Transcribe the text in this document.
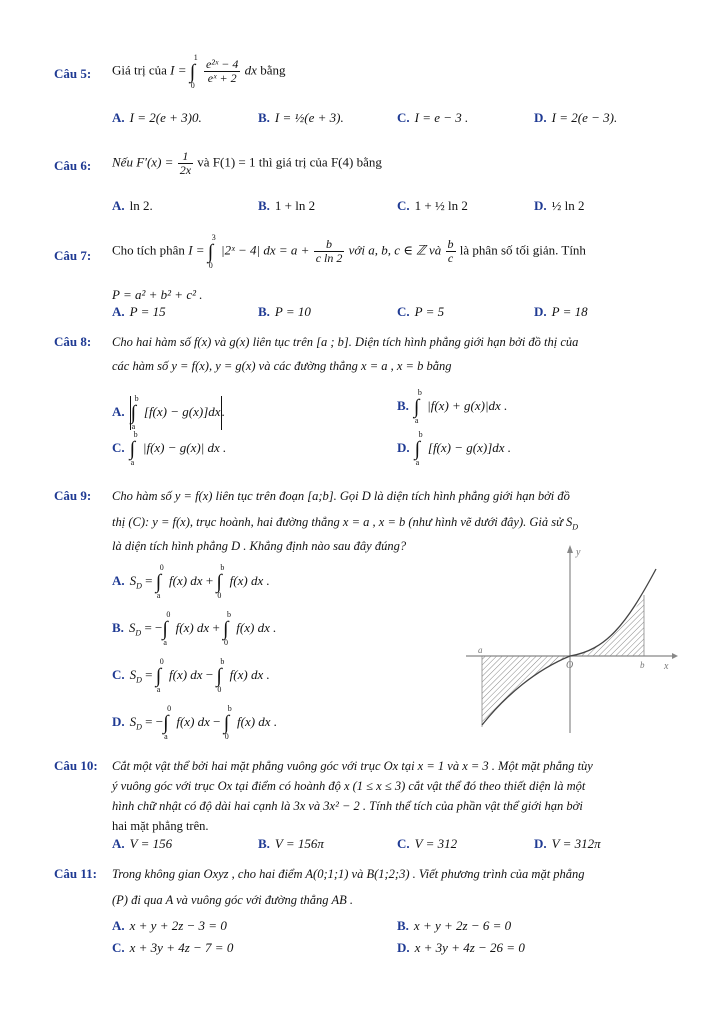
Câu 5: Giá trị của I = ∫
1
0
$\frac{\text{e²ˣ − 4}}{\text{eˣ + 2}}$ dx bằng
A. I = 2(e + 3)0.	B. I = ½(e + 3).	C. I = e − 3 .	D. I = 2(e − 3).
Câu 6: Nếu $F'(x) = \frac{1}{2x}$ và F(1) = 1 thì giá trị của F(4) bằng
A. ln 2.	B. 1 + ln 2	C. 1 + ½ ln 2	D. ½ ln 2
Câu 7: Cho tích phân I = ∫
3
0
|2ˣ − 4| dx = $a + \frac{b}{\text{c ln 2}}$ với a, b, c ∈ ℤ và $\frac{b}{c}$ là phân số tối giản. Tính
P = a² + b² + c² .
A. P = 15	B. P = 10	C. P = 5	D. P = 18
Câu 8: Cho hai hàm số f(x) và g(x) liên tục trên [a ; b]. Diện tích hình phẳng giới hạn bởi đồ thị của
các hàm số y = f(x), y = g(x) và các đường thẳng x = a , x = b bằng
A. ∫
b
a
[f(x) − g(x)]dx.	B. ∫
b
a
|f(x) + g(x)|dx .
C. ∫
b
a
|f(x) − g(x)| dx .	D. ∫
b
a
[f(x) − g(x)]dx .
Câu 9: Cho hàm số y = f(x) liên tục trên đoạn [a;b]. Gọi D là diện tích hình phẳng giới hạn bởi đồ
thị (C): y = f(x), trục hoành, hai đường thẳng x = a , x = b (như hình vẽ dưới đây). Giả sử $S_D$
là diện tích hình phẳng D . Khẳng định nào sau đây đúng?
A. $S_D$ = ∫
0
a
f(x) dx + ∫
b
0
f(x) dx .
B. $S_D$ = −∫
0
a
f(x) dx + ∫
b
0
f(x) dx .
C. $S_D$ = ∫
0
a
f(x) dx − ∫
b
0
f(x) dx .
D. $S_D$ = −∫
0
a
f(x) dx − ∫
b
0
f(x) dx .
y
x
O
a
b
Câu 10: Cắt một vật thể bởi hai mặt phẳng vuông góc với trục Ox tại x = 1 và x = 3 . Một mặt phẳng tùy
ý vuông góc với trục Ox tại điểm có hoành độ x (1 ≤ x ≤ 3) cắt vật thể đó theo thiết diện là một
hình chữ nhật có độ dài hai cạnh là 3x và 3x² − 2 . Tính thể tích của phần vật thể giới hạn bởi
hai mặt phẳng trên.
A. V = 156	B. V = 156π	C. V = 312	D. V = 312π
Câu 11: Trong không gian Oxyz , cho hai điểm A(0;1;1) và B(1;2;3) . Viết phương trình của mặt phẳng
(P) đi qua A và vuông góc với đường thẳng AB .
A. x + y + 2z − 3 = 0	B. x + y + 2z − 6 = 0
C. x + 3y + 4z − 7 = 0	D. x + 3y + 4z − 26 = 0
